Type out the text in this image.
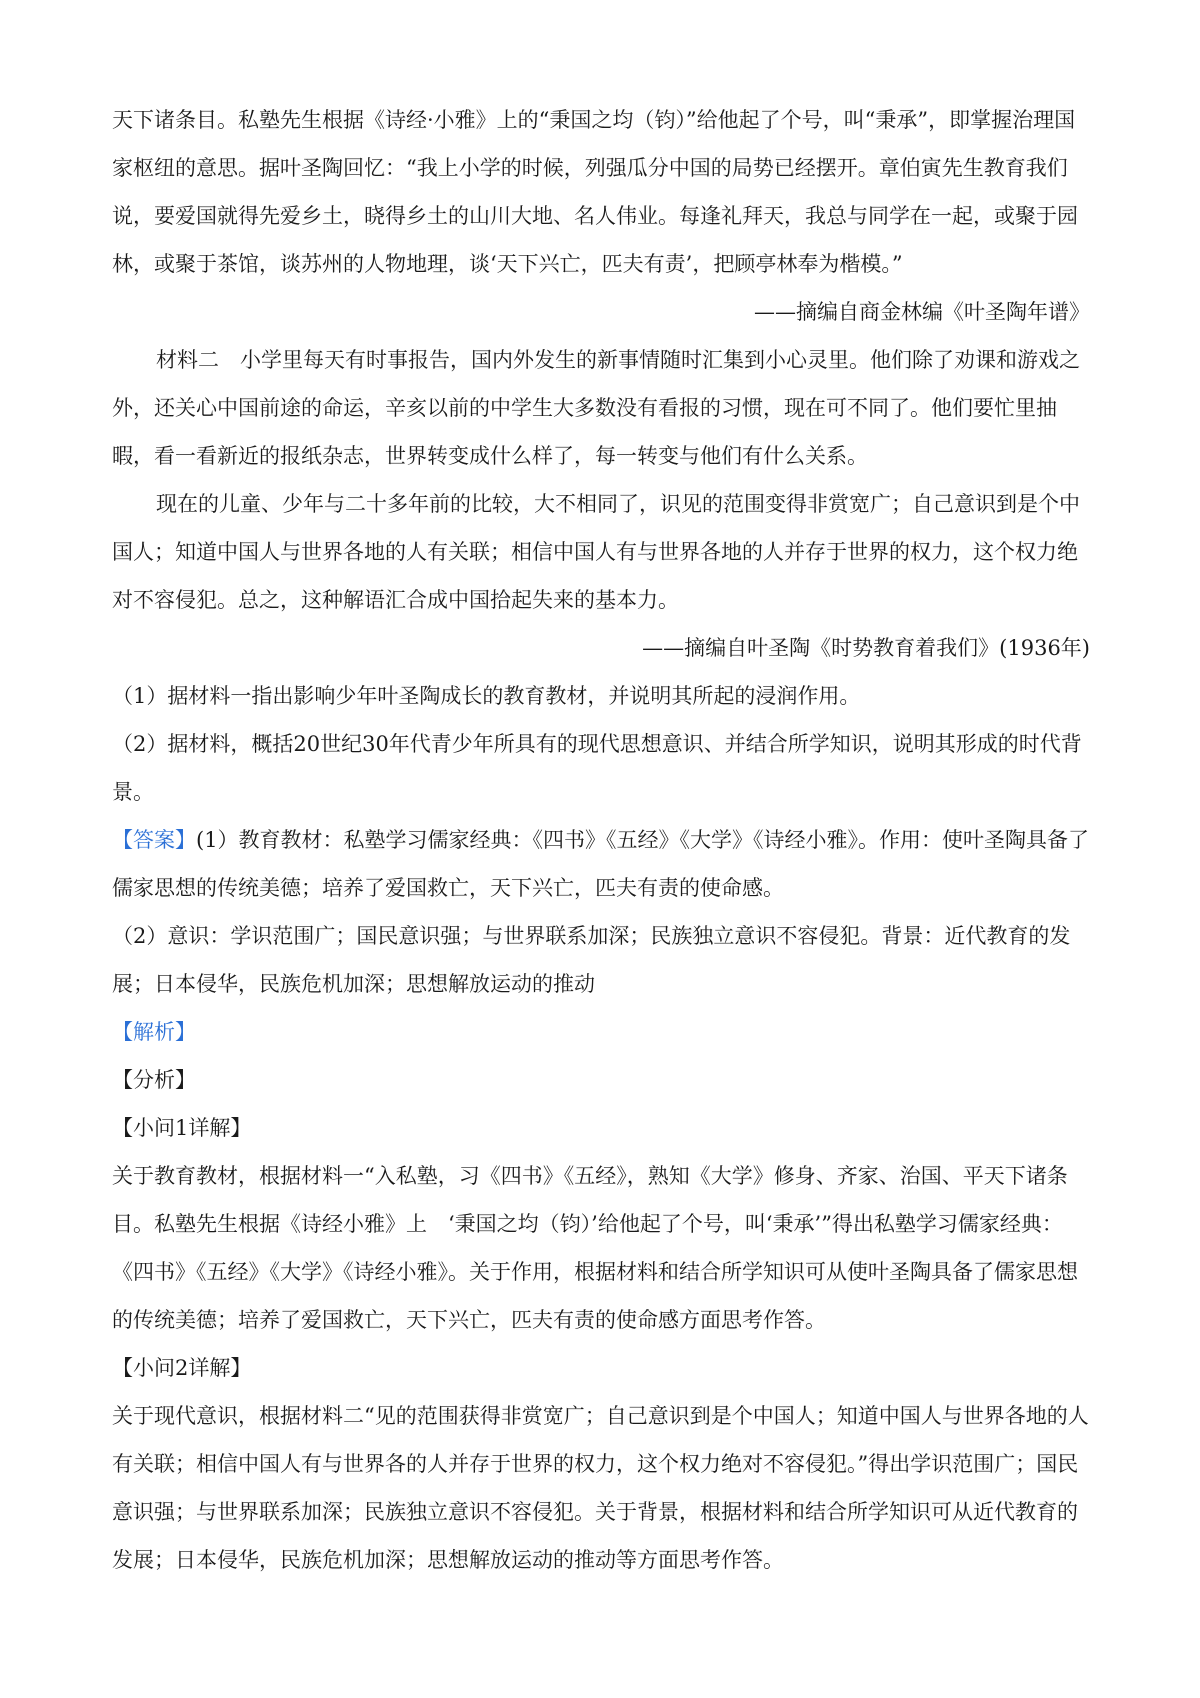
天下诸条目。私塾先生根据《诗经·小雅》上的“秉国之均（钧）”给他起了个号，叫“秉承”，即掌握治理国家枢纽的意思。据叶圣陶回忆：“我上小学的时候，列强瓜分中国的局势已经摆开。章伯寅先生教育我们说，要爱国就得先爱乡土，晓得乡土的山川大地、名人伟业。每逢礼拜天，我总与同学在一起，或聚于园林，或聚于茶馆，谈苏州的人物地理，谈‘天下兴亡，匹夫有责’，把顾亭林奉为楷模。”

——摘编自商金林编《叶圣陶年谱》

材料二　小学里每天有时事报告，国内外发生的新事情随时汇集到小心灵里。他们除了劝课和游戏之外，还关心中国前途的命运，辛亥以前的中学生大多数没有看报的习惯，现在可不同了。他们要忙里抽暇，看一看新近的报纸杂志，世界转变成什么样了，每一转变与他们有什么关系。

现在的儿童、少年与二十多年前的比较，大不相同了，识见的范围变得非赏宽广；自己意识到是个中国人；知道中国人与世界各地的人有关联；相信中国人有与世界各地的人并存于世界的权力，这个权力绝对不容侵犯。总之，这种解语汇合成中国拾起失来的基本力。

——摘编自叶圣陶《时势教育着我们》(1936年)

（1）据材料一指出影响少年叶圣陶成长的教育教材，并说明其所起的浸润作用。

（2）据材料，概括20世纪30年代青少年所具有的现代思想意识、并结合所学知识，说明其形成的时代背景。

【答案】(1）教育教材：私塾学习儒家经典：《四书》《五经》《大学》《诗经小雅》。作用：使叶圣陶具备了儒家思想的传统美德；培养了爱国救亡，天下兴亡，匹夫有责的使命感。

（2）意识：学识范围广；国民意识强；与世界联系加深；民族独立意识不容侵犯。背景：近代教育的发展；日本侵华，民族危机加深；思想解放运动的推动

【解析】

【分析】

【小问1详解】

关于教育教材，根据材料一“入私塾，习《四书》《五经》，熟知《大学》修身、齐家、治国、平天下诸条目。私塾先生根据《诗经小雅》上　‘秉国之均（钧）’给他起了个号，叫‘秉承’”得出私塾学习儒家经典：《四书》《五经》《大学》《诗经小雅》。关于作用，根据材料和结合所学知识可从使叶圣陶具备了儒家思想的传统美德；培养了爱国救亡，天下兴亡，匹夫有责的使命感方面思考作答。

【小问2详解】

关于现代意识，根据材料二“见的范围获得非赏宽广；自己意识到是个中国人；知道中国人与世界各地的人有关联；相信中国人有与世界各的人并存于世界的权力，这个权力绝对不容侵犯。”得出学识范围广；国民意识强；与世界联系加深；民族独立意识不容侵犯。关于背景，根据材料和结合所学知识可从近代教育的发展；日本侵华，民族危机加深；思想解放运动的推动等方面思考作答。
